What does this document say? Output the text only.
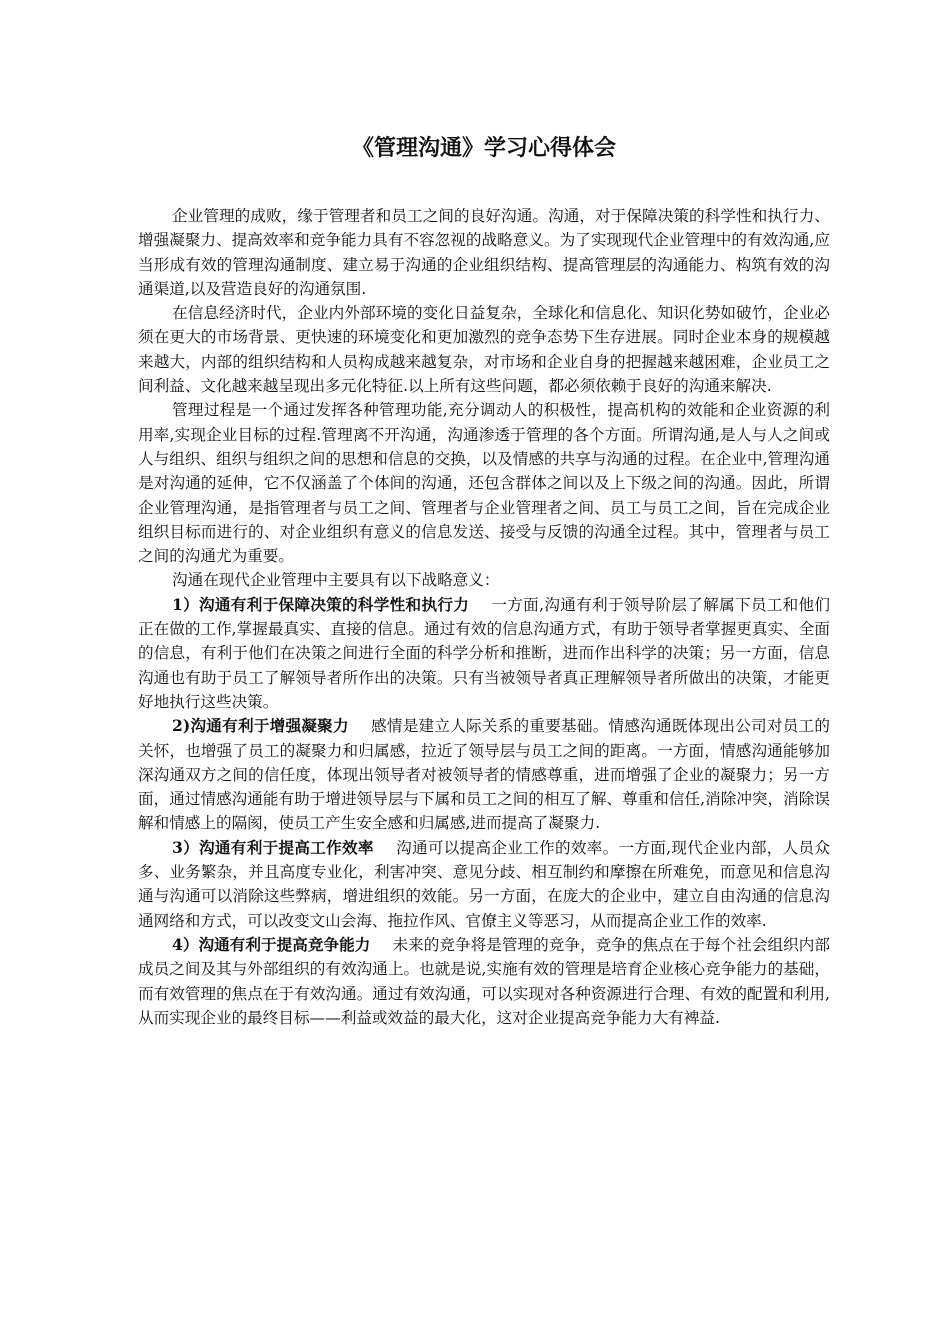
《管理沟通》学习心得体会

企业管理的成败，缘于管理者和员工之间的良好沟通。沟通，对于保障决策的科学性和执行力、增强凝聚力、提高效率和竞争能力具有不容忽视的战略意义。为了实现现代企业管理中的有效沟通,应当形成有效的管理沟通制度、建立易于沟通的企业组织结构、提高管理层的沟通能力、构筑有效的沟通渠道,以及营造良好的沟通氛围.

在信息经济时代，企业内外部环境的变化日益复杂，全球化和信息化、知识化势如破竹，企业必须在更大的市场背景、更快速的环境变化和更加激烈的竞争态势下生存进展。同时企业本身的规模越来越大，内部的组织结构和人员构成越来越复杂，对市场和企业自身的把握越来越困难，企业员工之间利益、文化越来越呈现出多元化特征.以上所有这些问题，都必须依赖于良好的沟通来解决.

管理过程是一个通过发挥各种管理功能,充分调动人的积极性，提高机构的效能和企业资源的利用率,实现企业目标的过程.管理离不开沟通，沟通渗透于管理的各个方面。所谓沟通,是人与人之间或人与组织、组织与组织之间的思想和信息的交换，以及情感的共享与沟通的过程。在企业中,管理沟通是对沟通的延伸，它不仅涵盖了个体间的沟通，还包含群体之间以及上下级之间的沟通。因此，所谓企业管理沟通，是指管理者与员工之间、管理者与企业管理者之间、员工与员工之间，旨在完成企业组织目标而进行的、对企业组织有意义的信息发送、接受与反馈的沟通全过程。其中，管理者与员工之间的沟通尤为重要。

沟通在现代企业管理中主要具有以下战略意义：

1）沟通有利于保障决策的科学性和执行力 一方面,沟通有利于领导阶层了解属下员工和他们正在做的工作,掌握最真实、直接的信息。通过有效的信息沟通方式，有助于领导者掌握更真实、全面的信息，有利于他们在决策之间进行全面的科学分析和推断，进而作出科学的决策；另一方面，信息沟通也有助于员工了解领导者所作出的决策。只有当被领导者真正理解领导者所做出的决策，才能更好地执行这些决策。

2)沟通有利于增强凝聚力 感情是建立人际关系的重要基础。情感沟通既体现出公司对员工的关怀，也增强了员工的凝聚力和归属感，拉近了领导层与员工之间的距离。一方面，情感沟通能够加深沟通双方之间的信任度，体现出领导者对被领导者的情感尊重，进而增强了企业的凝聚力；另一方面，通过情感沟通能有助于增进领导层与下属和员工之间的相互了解、尊重和信任,消除冲突，消除误解和情感上的隔阂，使员工产生安全感和归属感,进而提高了凝聚力.

3）沟通有利于提高工作效率 沟通可以提高企业工作的效率。一方面,现代企业内部，人员众多、业务繁杂，并且高度专业化，利害冲突、意见分歧、相互制约和摩擦在所难免，而意见和信息沟通与沟通可以消除这些弊病，增进组织的效能。另一方面，在庞大的企业中，建立自由沟通的信息沟通网络和方式，可以改变文山会海、拖拉作风、官僚主义等恶习，从而提高企业工作的效率.

4）沟通有利于提高竞争能力 未来的竞争将是管理的竞争，竞争的焦点在于每个社会组织内部成员之间及其与外部组织的有效沟通上。也就是说,实施有效的管理是培育企业核心竞争能力的基础，而有效管理的焦点在于有效沟通。通过有效沟通，可以实现对各种资源进行合理、有效的配置和利用,从而实现企业的最终目标——利益或效益的最大化，这对企业提高竞争能力大有裨益.
